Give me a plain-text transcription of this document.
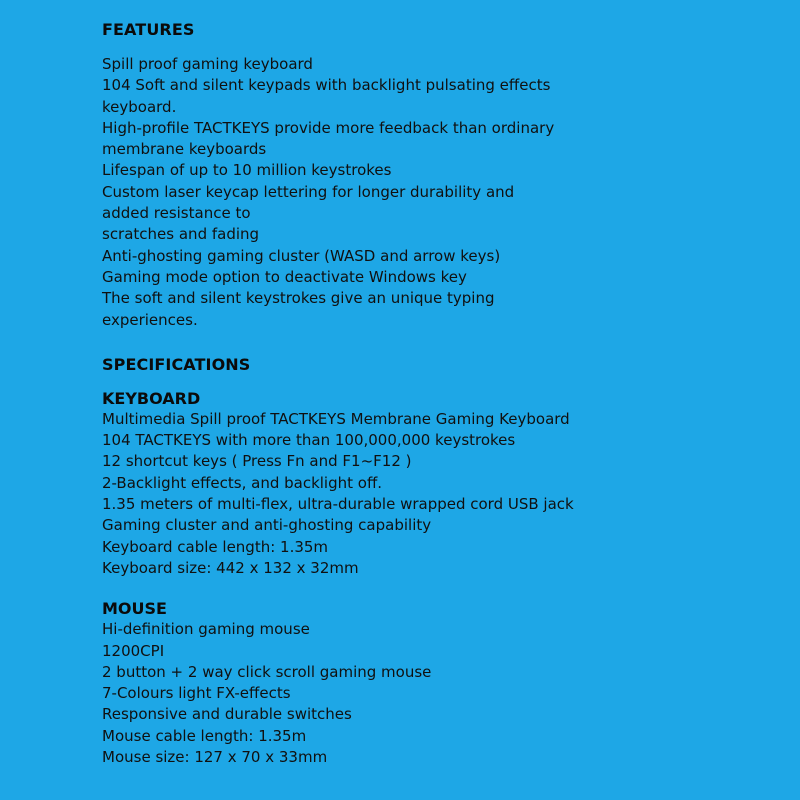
FEATURES

Spill proof gaming keyboard

104 Soft and silent keypads with backlight pulsating effects

keyboard.

High-profile TACTKEYS provide more feedback than ordinary

membrane keyboards

Lifespan of up to 10 million keystrokes

Custom laser keycap lettering for longer durability and

added resistance to

scratches and fading

Anti-ghosting gaming cluster (WASD and arrow keys)

Gaming mode option to deactivate Windows key

The soft and silent keystrokes give an unique typing

experiences.

SPECIFICATIONS
KEYBOARD

Multimedia Spill proof TACTKEYS Membrane Gaming Keyboard

104 TACTKEYS with more than 100,000,000 keystrokes

12 shortcut keys ( Press Fn and F1~F12 )

2-Backlight effects, and backlight off.

1.35 meters of multi-flex, ultra-durable wrapped cord USB jack

Gaming cluster and anti-ghosting capability

Keyboard cable length: 1.35m

Keyboard size: 442 x 132 x 32mm

MOUSE

Hi-definition gaming mouse

1200CPI

2 button + 2 way click scroll gaming mouse

7-Colours light FX-effects

Responsive and durable switches

Mouse cable length: 1.35m

Mouse size: 127 x 70 x 33mm
